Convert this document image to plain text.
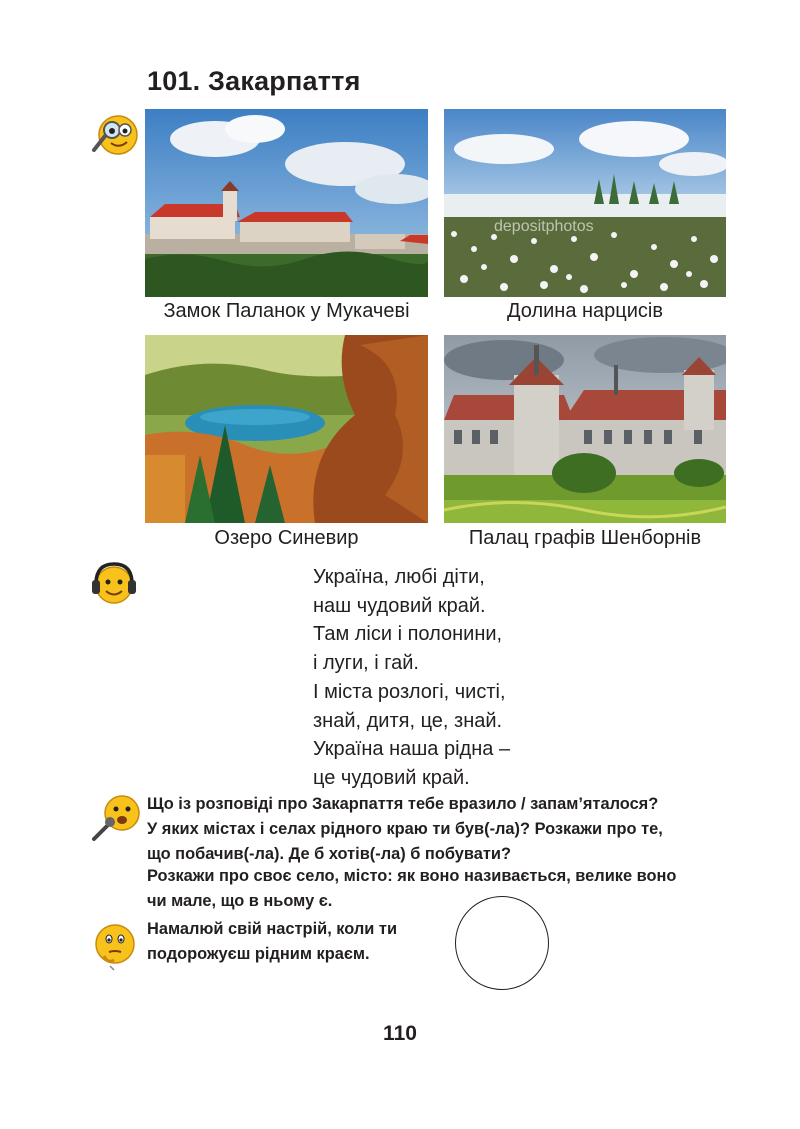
101. Закарпаття
Замок Паланок у Мукачеві
depositphotos
Долина нарцисів
Озеро Синевир	Палац графів Шенборнів
Україна, любі діти,
наш чудовий край.
Там ліси і полонини,
і луги, і гай.
І міста розлогі, чисті,
знай, дитя, це, знай.
Україна наша рідна –
це чудовий край.
Що із розповіді про Закарпаття тебе вразило / запам’яталося?
У яких містах і селах рідного краю ти був(-ла)? Розкажи про те,
що побачив(-ла). Де б хотів(-ла) б побувати?
Розкажи про своє село, місто: як воно називається, велике воно
чи мале, що в ньому є.
Намалюй свій настрій, коли ти
подорожуєш рідним краєм.
110
